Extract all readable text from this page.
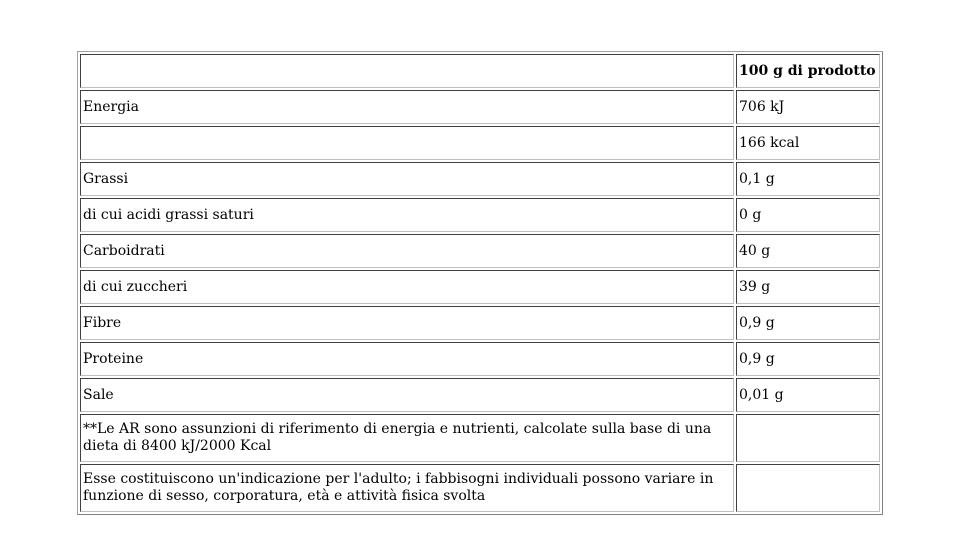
	100 g di prodotto
Energia	706 kJ
	166 kcal
Grassi	0,1 g
di cui acidi grassi saturi	0 g
Carboidrati	40 g
di cui zuccheri	39 g
Fibre	0,9 g
Proteine	0,9 g
Sale	0,01 g
**Le AR sono assunzioni di riferimento di energia e nutrienti, calcolate sulla base di una dieta di 8400 kJ/2000 Kcal	
Esse costituiscono un'indicazione per l'adulto; i fabbisogni individuali possono variare in funzione di sesso, corporatura, età e attività fisica svolta	
